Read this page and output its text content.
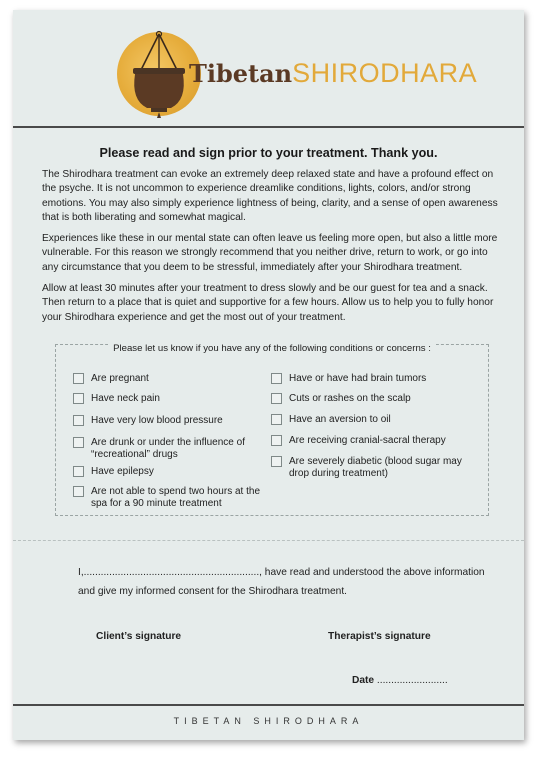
TibetanSHIRODHARA
Please read and sign prior to your treatment. Thank you.
The Shirodhara treatment can evoke an extremely deep relaxed state and have a profound effect on the psyche. It is not uncommon to experience dreamlike conditions, lights, colors, and/or strong emotions. You may also simply experience lightness of being, clarity, and a sense of open awareness that is both liberating and somewhat magical.
Experiences like these in our mental state can often leave us feeling more open, but also a little more vulnerable. For this reason we strongly recommend that you neither drive, return to work, or go into any circumstance that you deem to be stressful, immediately after your Shirodhara treatment.
Allow at least 30 minutes after your treatment to dress slowly and be our guest for tea and a snack. Then return to a place that is quiet and supportive for a few hours. Allow us to help you to fully honor your Shirodhara experience and get the most out of your treatment.
Please let us know if you have any of the following conditions or concerns :
Are pregnant
Have neck pain
Have very low blood pressure
Are drunk or under the influence of “recreational” drugs
Have epilepsy
Are not able to spend two hours at the spa for a 90 minute treatment
Have or have had brain tumors
Cuts or rashes on the scalp
Have an aversion to oil
Are receiving cranial-sacral therapy
Are severely diabetic (blood sugar may drop during treatment)
I,.............................................................., have read and understood the above information
and give my informed consent for the Shirodhara treatment.
Client’s signature	Therapist’s signature
Date .........................
TIBETAN SHIRODHARA
